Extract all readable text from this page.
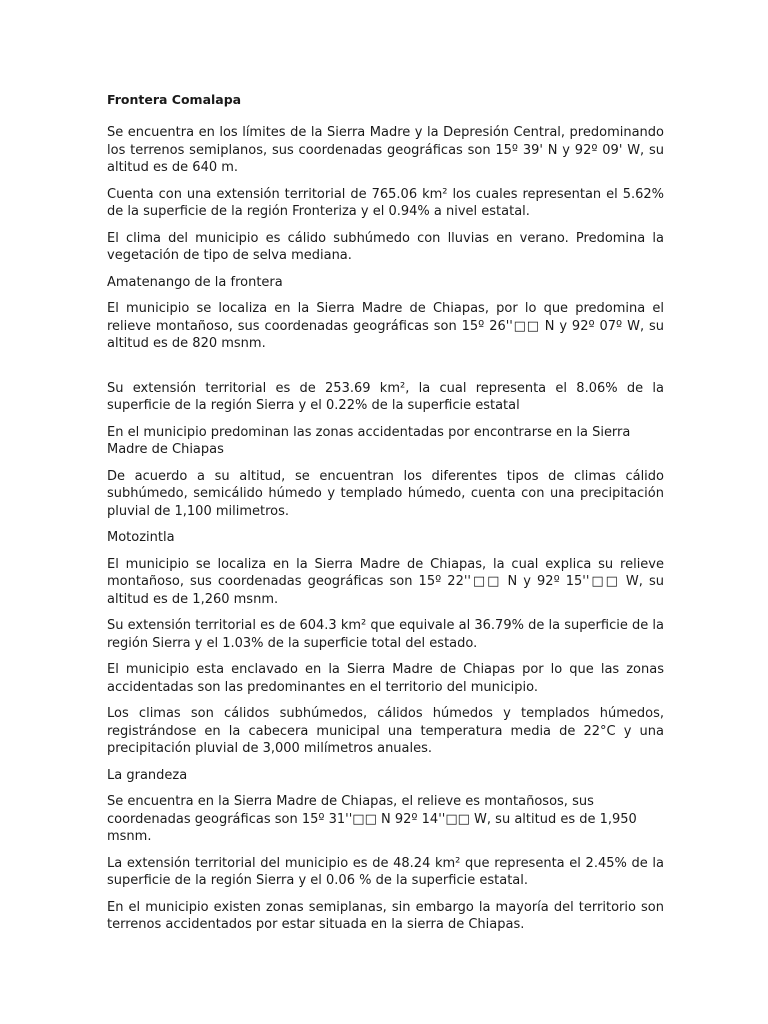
Frontera Comalapa

Se encuentra en los límites de la Sierra Madre y la Depresión Central, predominando los terrenos semiplanos, sus coordenadas geográficas son 15º 39' N y 92º 09' W, su altitud es de 640 m.

Cuenta con una extensión territorial de 765.06 km² los cuales representan el 5.62% de la superficie de la región Fronteriza y el 0.94% a nivel estatal.

El clima del municipio es cálido subhúmedo con lluvias en verano. Predomina la vegetación de tipo de selva mediana.

Amatenango de la frontera

El municipio se localiza en la Sierra Madre de Chiapas, por lo que predomina el relieve montañoso, sus coordenadas geográficas son 15º 26''□□ N y 92º 07º W, su altitud es de 820 msnm.

Su extensión territorial es de 253.69 km², la cual representa el 8.06% de la superficie de la región Sierra y el 0.22% de la superficie estatal

En el municipio predominan las zonas accidentadas por encontrarse en la Sierra Madre de Chiapas

De acuerdo a su altitud, se encuentran los diferentes tipos de climas cálido subhúmedo, semicálido húmedo y templado húmedo, cuenta con una precipitación pluvial de 1,100 milimetros.

Motozintla

El municipio se localiza en la Sierra Madre de Chiapas, la cual explica su relieve montañoso, sus coordenadas geográficas son 15º 22''□□ N y 92º 15''□□ W, su altitud es de 1,260 msnm.

Su extensión territorial es de 604.3 km² que equivale al 36.79% de la superficie de la región Sierra y el 1.03% de la superficie total del estado.

El municipio esta enclavado en la Sierra Madre de Chiapas por lo que las zonas accidentadas son las predominantes en el territorio del municipio.

Los climas son cálidos subhúmedos, cálidos húmedos y templados húmedos, registrándose en la cabecera municipal una temperatura media de 22°C y una precipitación pluvial de 3,000 milímetros anuales.

La grandeza

Se encuentra en la Sierra Madre de Chiapas, el relieve es montañosos, sus coordenadas geográficas son 15º 31''□□ N 92º 14''□□ W, su altitud es de 1,950 msnm.

La extensión territorial del municipio es de 48.24 km² que representa el 2.45% de la superficie de la región Sierra y el 0.06 % de la superficie estatal.

En el municipio existen zonas semiplanas, sin embargo la mayoría del territorio son terrenos accidentados por estar situada en la sierra de Chiapas.
